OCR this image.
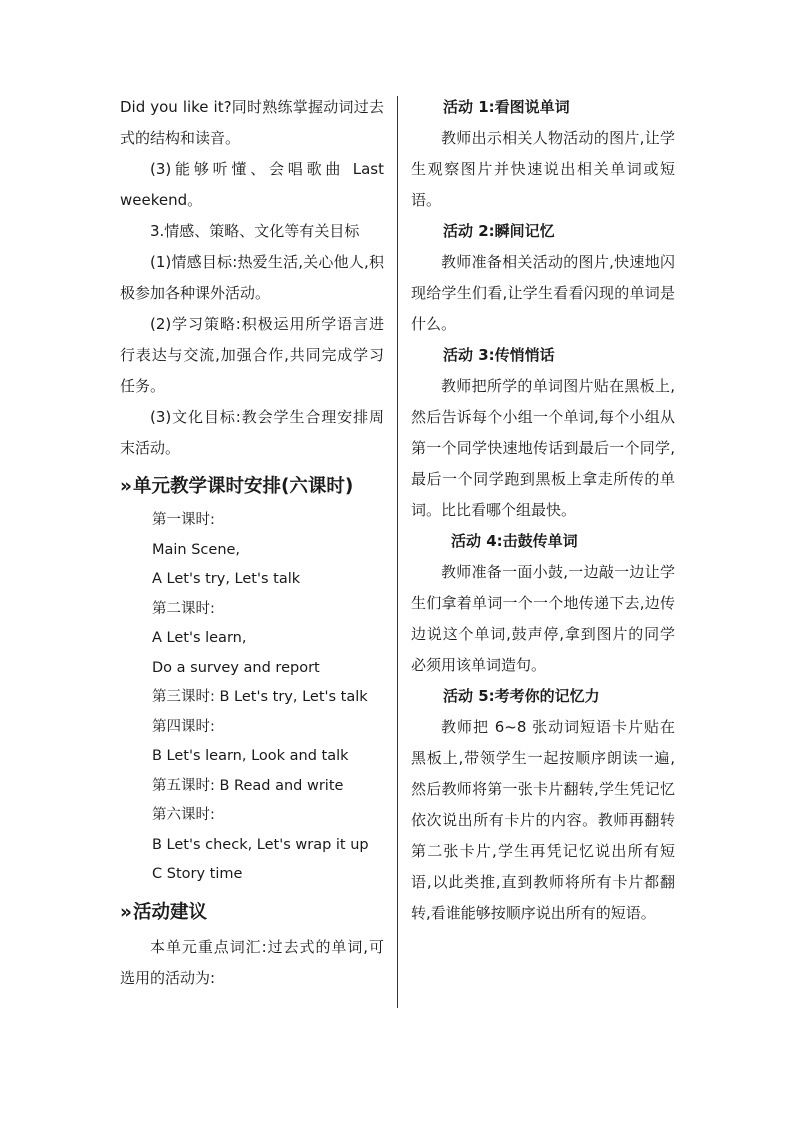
Did you like it?同时熟练掌握动词过去式的结构和读音。

(3)能够听懂、会唱歌曲 Last weekend。

3.情感、策略、文化等有关目标

(1)情感目标:热爱生活,关心他人,积极参加各种课外活动。

(2)学习策略:积极运用所学语言进行表达与交流,加强合作,共同完成学习任务。

(3)文化目标:教会学生合理安排周末活动。

» 单元教学课时安排(六课时)

第一课时:

Main Scene,

A Let's try, Let's talk

第二课时:

A Let's learn,

Do a survey and report

第三课时: B Let's try, Let's talk

第四课时:

B Let's learn, Look and talk

第五课时: B Read and write

第六课时:

B Let's check, Let's wrap it up

C Story time

» 活动建议

本单元重点词汇:过去式的单词,可选用的活动为:

活动 1:看图说单词

教师出示相关人物活动的图片,让学生观察图片并快速说出相关单词或短语。

活动 2:瞬间记忆

教师准备相关活动的图片,快速地闪现给学生们看,让学生看看闪现的单词是什么。

活动 3:传悄悄话

教师把所学的单词图片贴在黑板上,然后告诉每个小组一个单词,每个小组从第一个同学快速地传话到最后一个同学,最后一个同学跑到黑板上拿走所传的单词。比比看哪个组最快。

活动 4:击鼓传单词

教师准备一面小鼓,一边敲一边让学生们拿着单词一个一个地传递下去,边传边说这个单词,鼓声停,拿到图片的同学必须用该单词造句。

活动 5:考考你的记忆力

教师把 6~8 张动词短语卡片贴在黑板上,带领学生一起按顺序朗读一遍,然后教师将第一张卡片翻转,学生凭记忆依次说出所有卡片的内容。教师再翻转第二张卡片,学生再凭记忆说出所有短语,以此类推,直到教师将所有卡片都翻转,看谁能够按顺序说出所有的短语。
